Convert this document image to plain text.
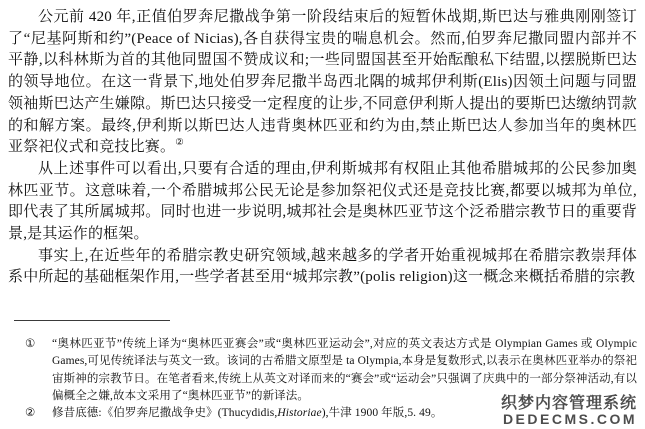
公元前 420 年,正值伯罗奔尼撒战争第一阶段结束后的短暂休战期,斯巴达与雅典刚刚签订了“尼基阿斯和约”(Peace of Nicias),各自获得宝贵的喘息机会。然而,伯罗奔尼撒同盟内部并不平静,以科林斯为首的其他同盟国不赞成议和;一些同盟国甚至开始酝酿私下结盟,以摆脱斯巴达的领导地位。在这一背景下,地处伯罗奔尼撒半岛西北隅的城邦伊利斯(Elis)因领土问题与同盟领袖斯巴达产生嫌隙。斯巴达只接受一定程度的让步,不同意伊利斯人提出的要斯巴达缴纳罚款的和解方案。最终,伊利斯以斯巴达人违背奥林匹亚和约为由,禁止斯巴达人参加当年的奥林匹亚祭祀仪式和竞技比赛。②

从上述事件可以看出,只要有合适的理由,伊利斯城邦有权阻止其他希腊城邦的公民参加奥林匹亚节。这意味着,一个希腊城邦公民无论是参加祭祀仪式还是竞技比赛,都要以城邦为单位,即代表了其所属城邦。同时也进一步说明,城邦社会是奥林匹亚节这个泛希腊宗教节日的重要背景,是其运作的框架。

事实上,在近些年的希腊宗教史研究领域,越来越多的学者开始重视城邦在希腊宗教崇拜体系中所起的基础框架作用,一些学者甚至用“城邦宗教”(polis religion)这一概念来概括希腊的宗教

① “奥林匹亚节”传统上译为“奥林匹亚赛会”或“奥林匹亚运动会”,对应的英文表达方式是 Olympian Games 或 Olympic Games,可见传统译法与英文一致。该词的古希腊文原型是 ta Olympia,本身是复数形式,以表示在奥林匹亚举办的祭祀宙斯神的宗教节日。在笔者看来,传统上从英文对译而来的“赛会”或“运动会”只强调了庆典中的一部分祭神活动,有以偏概全之嫌,故本文采用了“奥林匹亚节”的新译法。
② 修昔底德:《伯罗奔尼撒战争史》(Thucydidis,Historiae),牛津 1900 年版,5. 49。
织梦内容管理系统
DEDECMS.COM
